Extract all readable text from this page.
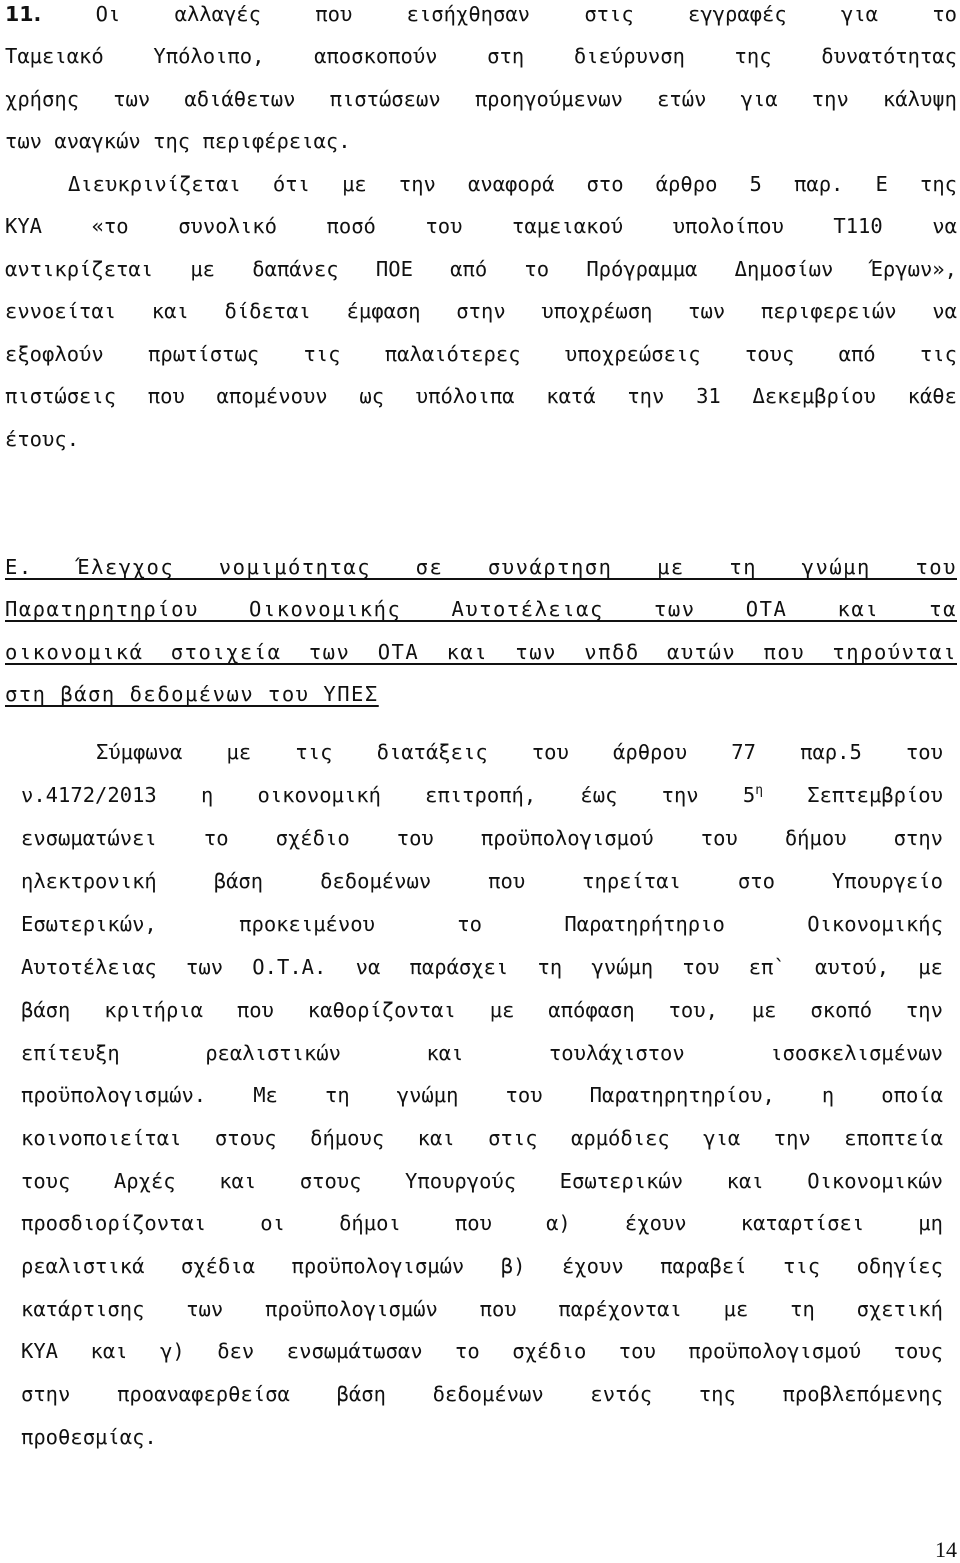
11.	Οι αλλαγές που εισήχθησαν στις εγγραφές για το
Ταμειακό Υπόλοιπο, αποσκοπούν στη διεύρυνση της δυνατότητας
χρήσης των αδιάθετων πιστώσεων προηγούμενων ετών για την κάλυψη
των αναγκών της περιφέρειας.
Διευκρινίζεται ότι με την αναφορά στο άρθρο 5 παρ. Ε της
ΚΥΑ «το συνολικό ποσό του ταμειακού υπολοίπου Τ110 να
αντικρίζεται με δαπάνες ΠΟΕ από το Πρόγραμμα Δημοσίων Έργων»,
εννοείται και δίδεται έμφαση στην υποχρέωση των περιφερειών να
εξοφλούν πρωτίστως τις παλαιότερες υποχρεώσεις τους από τις
πιστώσεις που απομένουν ως υπόλοιπα κατά την 31 Δεκεμβρίου κάθε
έτους.
Ε. Έλεγχος νομιμότητας σε συνάρτηση με τη γνώμη του
Παρατηρητηρίου Οικονομικής Αυτοτέλειας των ΟΤΑ και τα
οικονομικά στοιχεία των ΟΤΑ και των νπδδ αυτών που τηρούνται
στη βάση δεδομένων του ΥΠΕΣ
Σύμφωνα με τις διατάξεις του άρθρου 77 παρ.5 του
ν.4172/2013 η οικονομική επιτροπή, έως την $5^\eta$ Σεπτεμβρίου
ενσωματώνει το σχέδιο του προϋπολογισμού του δήμου στην
ηλεκτρονική βάση δεδομένων που τηρείται στο Υπουργείο
Εσωτερικών, προκειμένου το Παρατηρήτηριο Οικονομικής
Αυτοτέλειας των Ο.Τ.Α. να παράσχει τη γνώμη του επ` αυτού, με
βάση κριτήρια που καθορίζονται με απόφαση του, με σκοπό την
επίτευξη ρεαλιστικών και τουλάχιστον ισοσκελισμένων
προϋπολογισμών. Με τη γνώμη του Παρατηρητηρίου, η οποία
κοινοποιείται στους δήμους και στις αρμόδιες για την εποπτεία
τους Αρχές και στους Υπουργούς Εσωτερικών και Οικονομικών
προσδιορίζονται οι δήμοι που α) έχουν καταρτίσει μη
ρεαλιστικά σχέδια προϋπολογισμών β) έχουν παραβεί τις οδηγίες
κατάρτισης των προϋπολογισμών που παρέχονται με τη σχετική
ΚΥΑ και γ) δεν ενσωμάτωσαν το σχέδιο του προϋπολογισμού τους
στην προαναφερθείσα βάση δεδομένων εντός της προβλεπόμενης
προθεσμίας.
14
